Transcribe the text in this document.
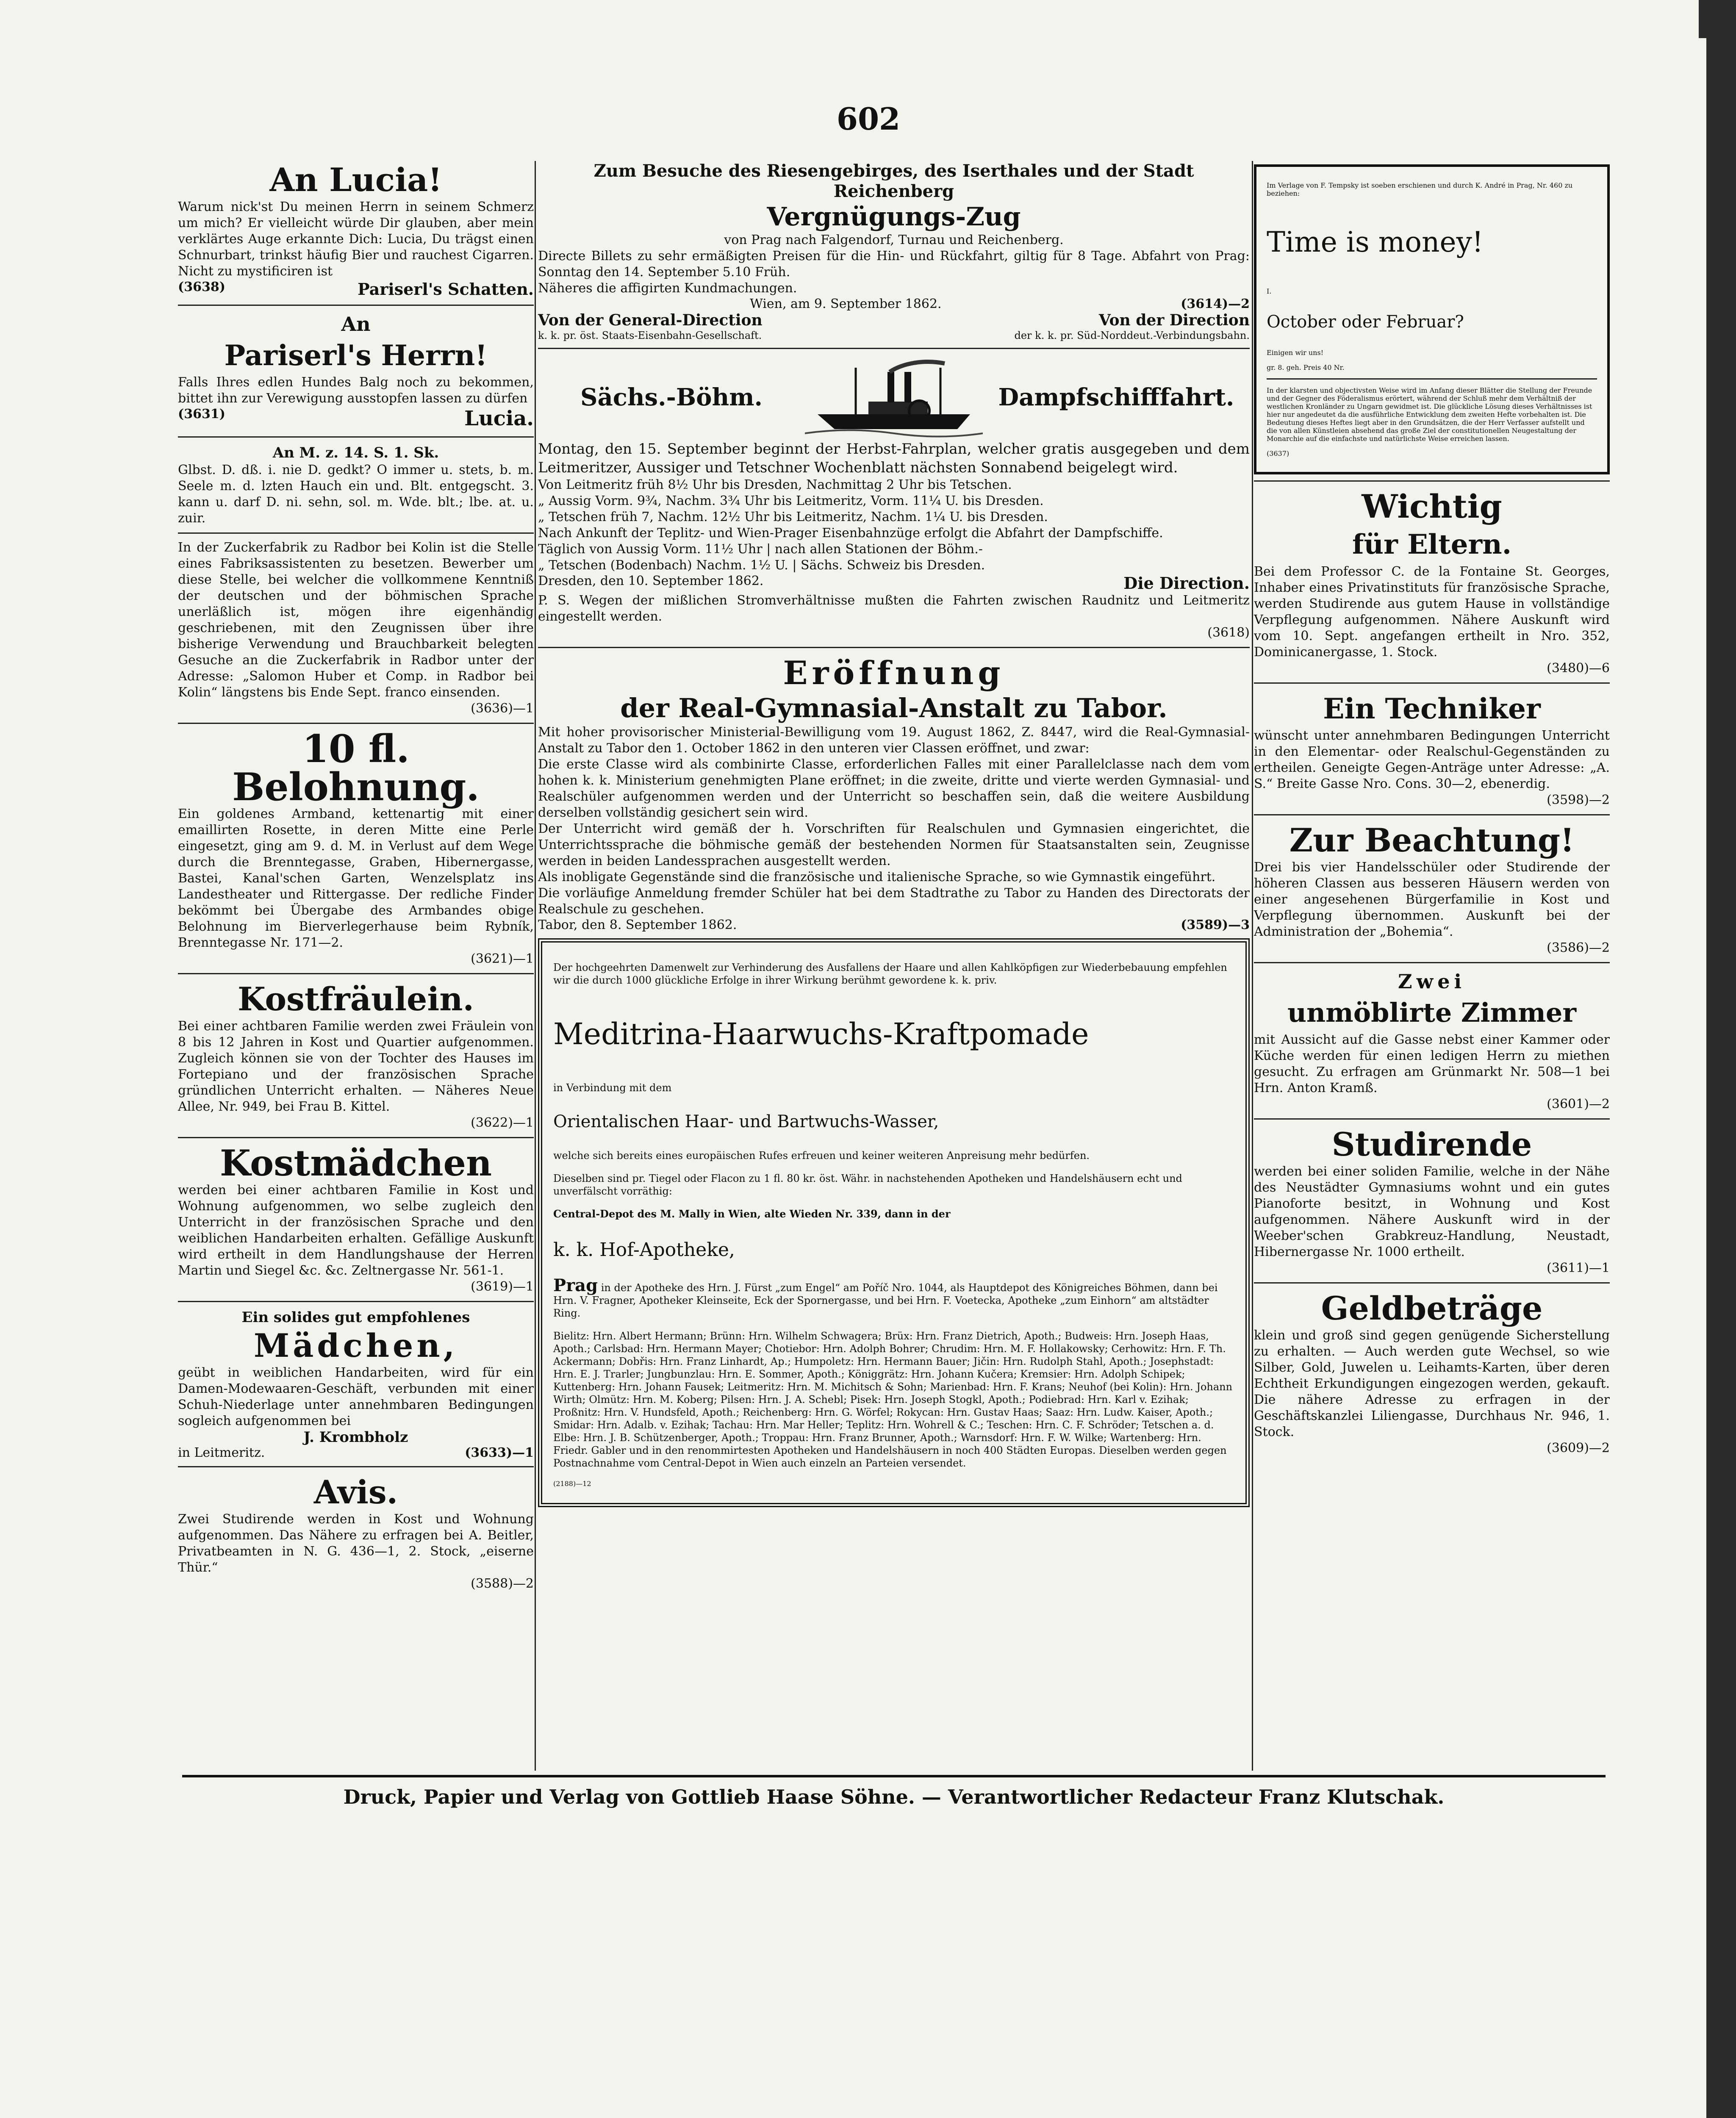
602

An Lucia!

Warum nick'st Du meinen Herrn in seinem Schmerz um mich? Er vielleicht würde Dir glauben, aber mein verklärtes Auge erkannte Dich: Lucia, Du trägst einen Schnurbart, trinkst häufig Bier und rauchest Cigarren. Nicht zu mystificiren ist

(3638)	Pariserl's Schatten.

An

Pariserl's Herrn!

Falls Ihres edlen Hundes Balg noch zu bekommen, bittet ihn zur Verewigung ausstopfen lassen zu dürfen

(3631)	Lucia.

An M. z. 14. S. 1. Sk.

Glbst. D. dß. i. nie D. gedkt? O immer u. stets, b. m. Seele m. d. lzten Hauch ein und. Blt. entgegscht. 3. kann u. darf D. ni. sehn, sol. m. Wde. blt.; lbe. at. u. zuir.

In der Zuckerfabrik zu Radbor bei Kolin ist die Stelle eines Fabriksassistenten zu besetzen. Bewerber um diese Stelle, bei welcher die vollkommene Kenntniß der deutschen und der böhmischen Sprache unerläßlich ist, mögen ihre eigenhändig geschriebenen, mit den Zeugnissen über ihre bisherige Verwendung und Brauchbarkeit belegten Gesuche an die Zuckerfabrik in Radbor unter der Adresse: „Salomon Huber et Comp. in Radbor bei Kolin“ längstens bis Ende Sept. franco einsenden.

(3636)—1

10 fl. Belohnung.

Ein goldenes Armband, kettenartig mit einer emaillirten Rosette, in deren Mitte eine Perle eingesetzt, ging am 9. d. M. in Verlust auf dem Wege durch die Brenntegasse, Graben, Hibernergasse, Bastei, Kanal'schen Garten, Wenzelsplatz ins Landestheater und Rittergasse. Der redliche Finder bekömmt bei Übergabe des Armbandes obige Belohnung im Bierverlegerhause beim Rybník, Brenntegasse Nr. 171—2.

(3621)—1

Kostfräulein.

Bei einer achtbaren Familie werden zwei Fräulein von 8 bis 12 Jahren in Kost und Quartier aufgenommen. Zugleich können sie von der Tochter des Hauses im Fortepiano und der französischen Sprache gründlichen Unterricht erhalten. — Näheres Neue Allee, Nr. 949, bei Frau B. Kittel.

(3622)—1

Kostmädchen

werden bei einer achtbaren Familie in Kost und Wohnung aufgenommen, wo selbe zugleich den Unterricht in der französischen Sprache und den weiblichen Handarbeiten erhalten. Gefällige Auskunft wird ertheilt in dem Handlungshause der Herren Martin und Siegel &c. &c. Zeltnergasse Nr. 561-1.

(3619)—1

Ein solides gut empfohlenes

Mädchen,

geübt in weiblichen Handarbeiten, wird für ein Damen-Modewaaren-Geschäft, verbunden mit einer Schuh-Niederlage unter annehmbaren Bedingungen sogleich aufgenommen bei

J. Krombholz

in Leitmeritz.	(3633)—1

Avis.

Zwei Studirende werden in Kost und Wohnung aufgenommen. Das Nähere zu erfragen bei A. Beitler, Privatbeamten in N. G. 436—1, 2. Stock, „eiserne Thür.“

(3588)—2

Zum Besuche des Riesengebirges, des Iserthales und der Stadt Reichenberg

Vergnügungs-Zug

von Prag nach Falgendorf, Turnau und Reichenberg.

Directe Billets zu sehr ermäßigten Preisen für die Hin- und Rückfahrt, giltig für 8 Tage. Abfahrt von Prag: Sonntag den 14. September 5.10 Früh.

Näheres die affigirten Kundmachungen.

Wien, am 9. September 1862.	(3614)—2
Von der General-Direction	Von der Direction
k. k. pr. öst. Staats-Eisenbahn-Gesellschaft.	der k. k. pr. Süd-Norddeut.-Verbindungsbahn.

Sächs.-Böhm.	Dampfschifffahrt.

Montag, den 15. September beginnt der Herbst-Fahrplan, welcher gratis ausgegeben und dem Leitmeritzer, Aussiger und Tetschner Wochenblatt nächsten Sonnabend beigelegt wird.

Von Leitmeritz früh 8½ Uhr bis Dresden, Nachmittag 2 Uhr bis Tetschen.

„ Aussig Vorm. 9¾, Nachm. 3¾ Uhr bis Leitmeritz, Vorm. 11¼ U. bis Dresden.

„ Tetschen früh 7, Nachm. 12½ Uhr bis Leitmeritz, Nachm. 1¼ U. bis Dresden.

Nach Ankunft der Teplitz- und Wien-Prager Eisenbahnzüge erfolgt die Abfahrt der Dampfschiffe.

Täglich von Aussig Vorm. 11½ Uhr | nach allen Stationen der Böhm.-

„ Tetschen (Bodenbach) Nachm. 1½ U. | Sächs. Schweiz bis Dresden.

Dresden, den 10. September 1862.	Die Direction.

P. S. Wegen der mißlichen Stromverhältnisse mußten die Fahrten zwischen Raudnitz und Leitmeritz eingestellt werden.

(3618)

Eröffnung

der Real-Gymnasial-Anstalt zu Tabor.

Mit hoher provisorischer Ministerial-Bewilligung vom 19. August 1862, Z. 8447, wird die Real-Gymnasial-Anstalt zu Tabor den 1. October 1862 in den unteren vier Classen eröffnet, und zwar:

Die erste Classe wird als combinirte Classe, erforderlichen Falles mit einer Parallelclasse nach dem vom hohen k. k. Ministerium genehmigten Plane eröffnet; in die zweite, dritte und vierte werden Gymnasial- und Realschüler aufgenommen werden und der Unterricht so beschaffen sein, daß die weitere Ausbildung derselben vollständig gesichert sein wird.

Der Unterricht wird gemäß der h. Vorschriften für Realschulen und Gymnasien eingerichtet, die Unterrichtssprache die böhmische gemäß der bestehenden Normen für Staatsanstalten sein, Zeugnisse werden in beiden Landessprachen ausgestellt werden.

Als inobligate Gegenstände sind die französische und italienische Sprache, so wie Gymnastik eingeführt.

Die vorläufige Anmeldung fremder Schüler hat bei dem Stadtrathe zu Tabor zu Handen des Directorats der Realschule zu geschehen.

Tabor, den 8. September 1862.	(3589)—3

Der hochgeehrten Damenwelt zur Verhinderung des Ausfallens der Haare und allen Kahlköpfigen zur Wiederbebauung empfehlen wir die durch 1000 glückliche Erfolge in ihrer Wirkung berühmt gewordene k. k. priv.

Meditrina-Haarwuchs-Kraftpomade

in Verbindung mit dem

Orientalischen Haar- und Bartwuchs-Wasser,

welche sich bereits eines europäischen Rufes erfreuen und keiner weiteren Anpreisung mehr bedürfen.

Dieselben sind pr. Tiegel oder Flacon zu 1 fl. 80 kr. öst. Währ. in nachstehenden Apotheken und Handelshäusern echt und unverfälscht vorräthig:

Central-Depot des M. Mally in Wien, alte Wieden Nr. 339, dann in der

k. k. Hof-Apotheke,

Prag in der Apotheke des Hrn. J. Fürst „zum Engel“ am Poříč Nro. 1044, als Hauptdepot des Königreiches Böhmen, dann bei Hrn. V. Fragner, Apotheker Kleinseite, Eck der Spornergasse, und bei Hrn. F. Voetecka, Apotheke „zum Einhorn“ am altstädter Ring.

Bielitz: Hrn. Albert Hermann; Brünn: Hrn. Wilhelm Schwagera; Brüx: Hrn. Franz Dietrich, Apoth.; Budweis: Hrn. Joseph Haas, Apoth.; Carlsbad: Hrn. Hermann Mayer; Chotiebor: Hrn. Adolph Bohrer; Chrudim: Hrn. M. F. Hollakowsky; Cerhowitz: Hrn. F. Th. Ackermann; Dobřis: Hrn. Franz Linhardt, Ap.; Humpoletz: Hrn. Hermann Bauer; Jičin: Hrn. Rudolph Stahl, Apoth.; Josephstadt: Hrn. E. J. Trarler; Jungbunzlau: Hrn. E. Sommer, Apoth.; Königgrätz: Hrn. Johann Kučera; Kremsier: Hrn. Adolph Schipek; Kuttenberg: Hrn. Johann Fausek; Leitmeritz: Hrn. M. Michitsch & Sohn; Marienbad: Hrn. F. Krans; Neuhof (bei Kolin): Hrn. Johann Wirth; Olmütz: Hrn. M. Koberg; Pilsen: Hrn. J. A. Schebl; Pisek: Hrn. Joseph Stogkl, Apoth.; Podiebrad: Hrn. Karl v. Ezihak; Proßnitz: Hrn. V. Hundsfeld, Apoth.; Reichenberg: Hrn. G. Wörfel; Rokycan: Hrn. Gustav Haas; Saaz: Hrn. Ludw. Kaiser, Apoth.; Smidar: Hrn. Adalb. v. Ezihak; Tachau: Hrn. Mar Heller; Teplitz: Hrn. Wohrell & C.; Teschen: Hrn. C. F. Schröder; Tetschen a. d. Elbe: Hrn. J. B. Schützenberger, Apoth.; Troppau: Hrn. Franz Brunner, Apoth.; Warnsdorf: Hrn. F. W. Wilke; Wartenberg: Hrn. Friedr. Gabler und in den renommirtesten Apotheken und Handelshäusern in noch 400 Städten Europas. Dieselben werden gegen Postnachnahme vom Central-Depot in Wien auch einzeln an Parteien versendet.

(2188)—12

Im Verlage von F. Tempsky ist soeben erschienen und durch K. André in Prag, Nr. 460 zu beziehen:

Time is money!

I.

October oder Februar?

Einigen wir uns!

gr. 8. geh. Preis 40 Nr.

In der klarsten und objectivsten Weise wird im Anfang dieser Blätter die Stellung der Freunde und der Gegner des Föderalismus erörtert, während der Schluß mehr dem Verhältniß der westlichen Kronländer zu Ungarn gewidmet ist. Die glückliche Lösung dieses Verhältnisses ist hier nur angedeutet da die ausführliche Entwicklung dem zweiten Hefte vorbehalten ist. Die Bedeutung dieses Heftes liegt aber in den Grundsätzen, die der Herr Verfasser aufstellt und die von allen Künstleien absehend das große Ziel der constitutionellen Neugestaltung der Monarchie auf die einfachste und natürlichste Weise erreichen lassen.

(3637)

Wichtig

für Eltern.

Bei dem Professor C. de la Fontaine St. Georges, Inhaber eines Privatinstituts für französische Sprache, werden Studirende aus gutem Hause in vollständige Verpflegung aufgenommen. Nähere Auskunft wird vom 10. Sept. angefangen ertheilt in Nro. 352, Dominicanergasse, 1. Stock.

(3480)—6

Ein Techniker

wünscht unter annehmbaren Bedingungen Unterricht in den Elementar- oder Realschul-Gegenständen zu ertheilen. Geneigte Gegen-Anträge unter Adresse: „A. S.“ Breite Gasse Nro. Cons. 30—2, ebenerdig.

(3598)—2

Zur Beachtung!

Drei bis vier Handelsschüler oder Studirende der höheren Classen aus besseren Häusern werden von einer angesehenen Bürgerfamilie in Kost und Verpflegung übernommen. Auskunft bei der Administration der „Bohemia“.

(3586)—2

Zwei

unmöblirte Zimmer

mit Aussicht auf die Gasse nebst einer Kammer oder Küche werden für einen ledigen Herrn zu miethen gesucht. Zu erfragen am Grünmarkt Nr. 508—1 bei Hrn. Anton Kramß.

(3601)—2

Studirende

werden bei einer soliden Familie, welche in der Nähe des Neustädter Gymnasiums wohnt und ein gutes Pianoforte besitzt, in Wohnung und Kost aufgenommen. Nähere Auskunft wird in der Weeber'schen Grabkreuz-Handlung, Neustadt, Hibernergasse Nr. 1000 ertheilt.

(3611)—1

Geldbeträge

klein und groß sind gegen genügende Sicherstellung zu erhalten. — Auch werden gute Wechsel, so wie Silber, Gold, Juwelen u. Leihamts-Karten, über deren Echtheit Erkundigungen eingezogen werden, gekauft. Die nähere Adresse zu erfragen in der Geschäftskanzlei Liliengasse, Durchhaus Nr. 946, 1. Stock.

(3609)—2

Druck, Papier und Verlag von Gottlieb Haase Söhne. — Verantwortlicher Redacteur Franz Klutschak.
